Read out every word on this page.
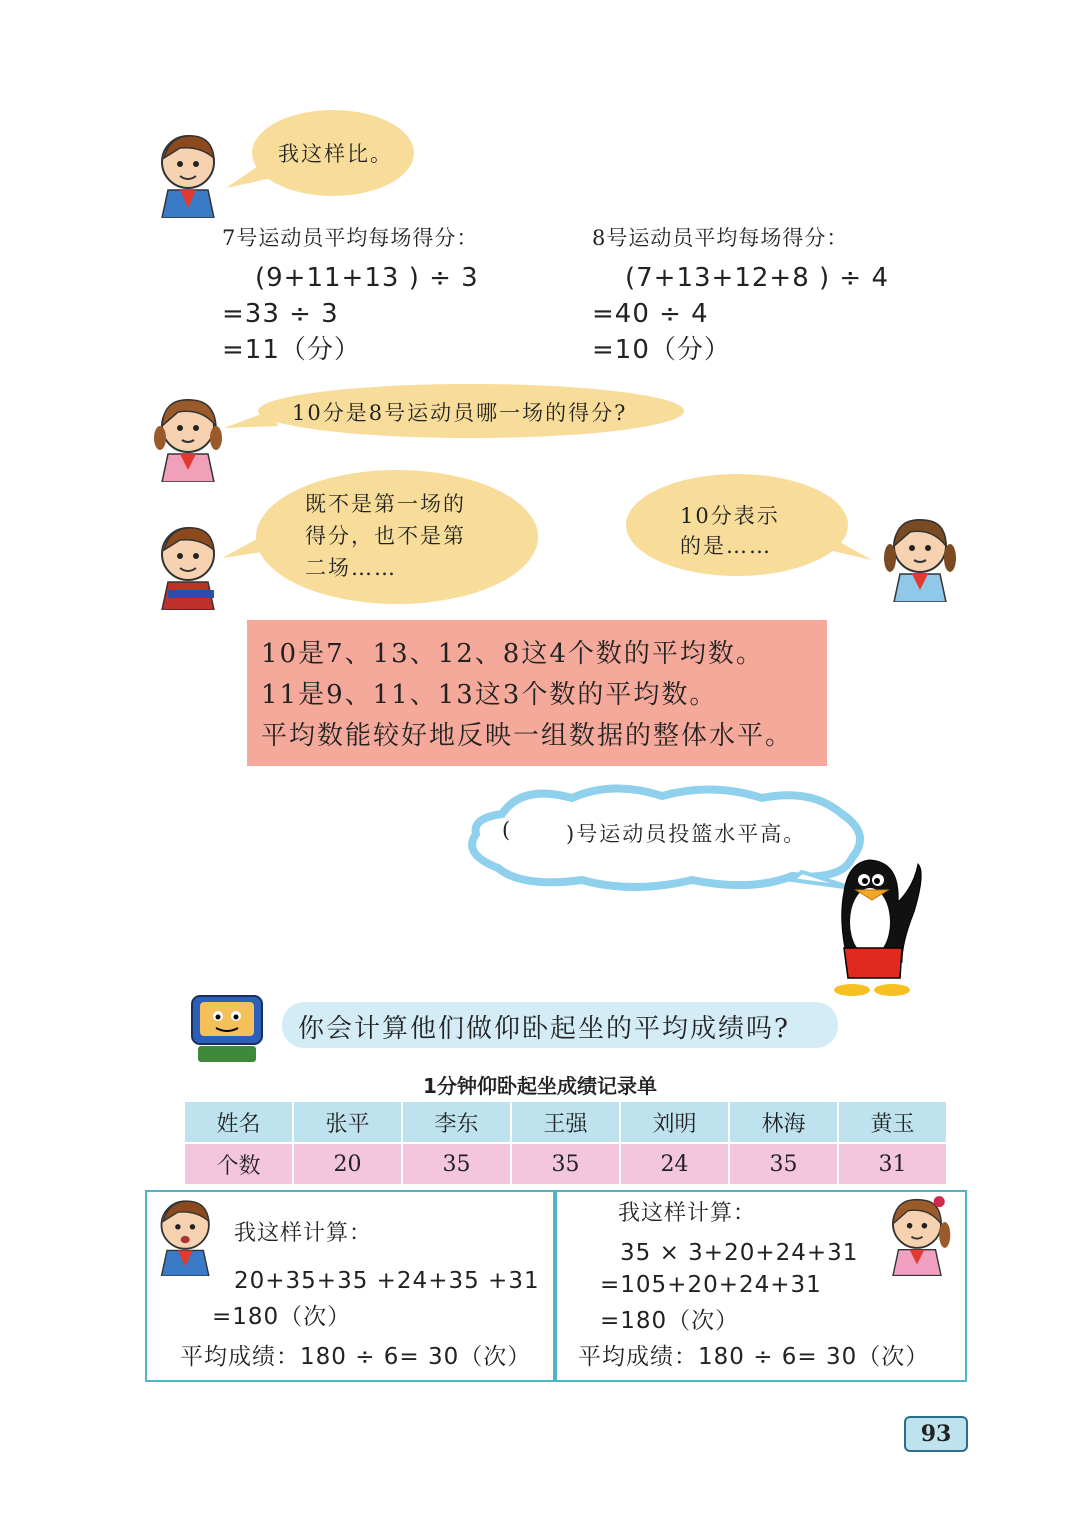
我这样比。
7号运动员平均每场得分：
(9+11+13 ) ÷ 3
=33 ÷ 3
=11（分）
8号运动员平均每场得分：
(7+13+12+8 ) ÷ 4
=40 ÷ 4
=10（分）
10分是8号运动员哪一场的得分?
既不是第一场的
得分，也不是第
二场……
10分表示
的是……
10是7、13、12、8这4个数的平均数。
11是9、11、13这3个数的平均数。
平均数能较好地反映一组数据的整体水平。
(	)号运动员投篮水平高。
你会计算他们做仰卧起坐的平均成绩吗?
1分钟仰卧起坐成绩记录单
姓名	张平	李东	王强	刘明	林海	黄玉
个数	20	35	35	24	35	31
我这样计算：
20+35+35 +24+35 +31
=180（次）
平均成绩：180 ÷ 6= 30（次）
我这样计算：
35 × 3+20+24+31
=105+20+24+31
=180（次）
平均成绩：180 ÷ 6= 30（次）
93
